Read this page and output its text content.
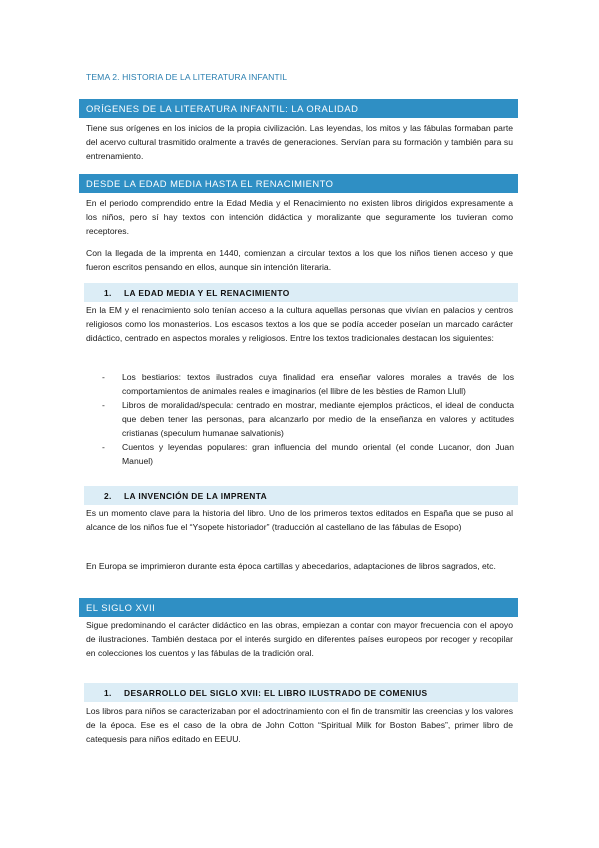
TEMA 2. HISTORIA DE LA LITERATURA INFANTIL
ORÍGENES DE LA LITERATURA INFANTIL: LA ORALIDAD

Tiene sus orígenes en los inicios de la propia civilización. Las leyendas, los mitos y las fábulas formaban parte del acervo cultural trasmitido oralmente a través de generaciones. Servían para su formación y también para su entrenamiento.

DESDE LA EDAD MEDIA HASTA EL RENACIMIENTO

En el periodo comprendido entre la Edad Media y el Renacimiento no existen libros dirigidos expresamente a los niños, pero sí hay textos con intención didáctica y moralizante que seguramente los tuvieran como receptores.

Con la llegada de la imprenta en 1440, comienzan a circular textos a los que los niños tienen acceso y que fueron escritos pensando en ellos, aunque sin intención literaria.

1.	LA EDAD MEDIA Y EL RENACIMIENTO

En la EM y el renacimiento solo tenían acceso a la cultura aquellas personas que vivían en palacios y centros religiosos como los monasterios. Los escasos textos a los que se podía acceder poseían un marcado carácter didáctico, centrado en aspectos morales y religiosos. Entre los textos tradicionales destacan los siguientes:

- Los bestiarios: textos ilustrados cuya finalidad era enseñar valores morales a través de los comportamientos de animales reales e imaginarios (el llibre de les bèsties de Ramon Llull)
- Libros de moralidad/specula: centrado en mostrar, mediante ejemplos prácticos, el ideal de conducta que deben tener las personas, para alcanzarlo por medio de la enseñanza en valores y actitudes cristianas (speculum humanae salvationis)
- Cuentos y leyendas populares: gran influencia del mundo oriental (el conde Lucanor, don Juan Manuel)
2.	LA INVENCIÓN DE LA IMPRENTA

Es un momento clave para la historia del libro. Uno de los primeros textos editados en España que se puso al alcance de los niños fue el “Ysopete historiador” (traducción al castellano de las fábulas de Esopo)

En Europa se imprimieron durante esta época cartillas y abecedarios, adaptaciones de libros sagrados, etc.

EL SIGLO XVII

Sigue predominando el carácter didáctico en las obras, empiezan a contar con mayor frecuencia con el apoyo de ilustraciones. También destaca por el interés surgido en diferentes países europeos por recoger y recopilar en colecciones los cuentos y las fábulas de la tradición oral.

1.	DESARROLLO DEL SIGLO XVII: EL LIBRO ILUSTRADO DE COMENIUS

Los libros para niños se caracterizaban por el adoctrinamiento con el fin de transmitir las creencias y los valores de la época. Ese es el caso de la obra de John Cotton “Spiritual Milk for Boston Babes”, primer libro de catequesis para niños editado en EEUU.
